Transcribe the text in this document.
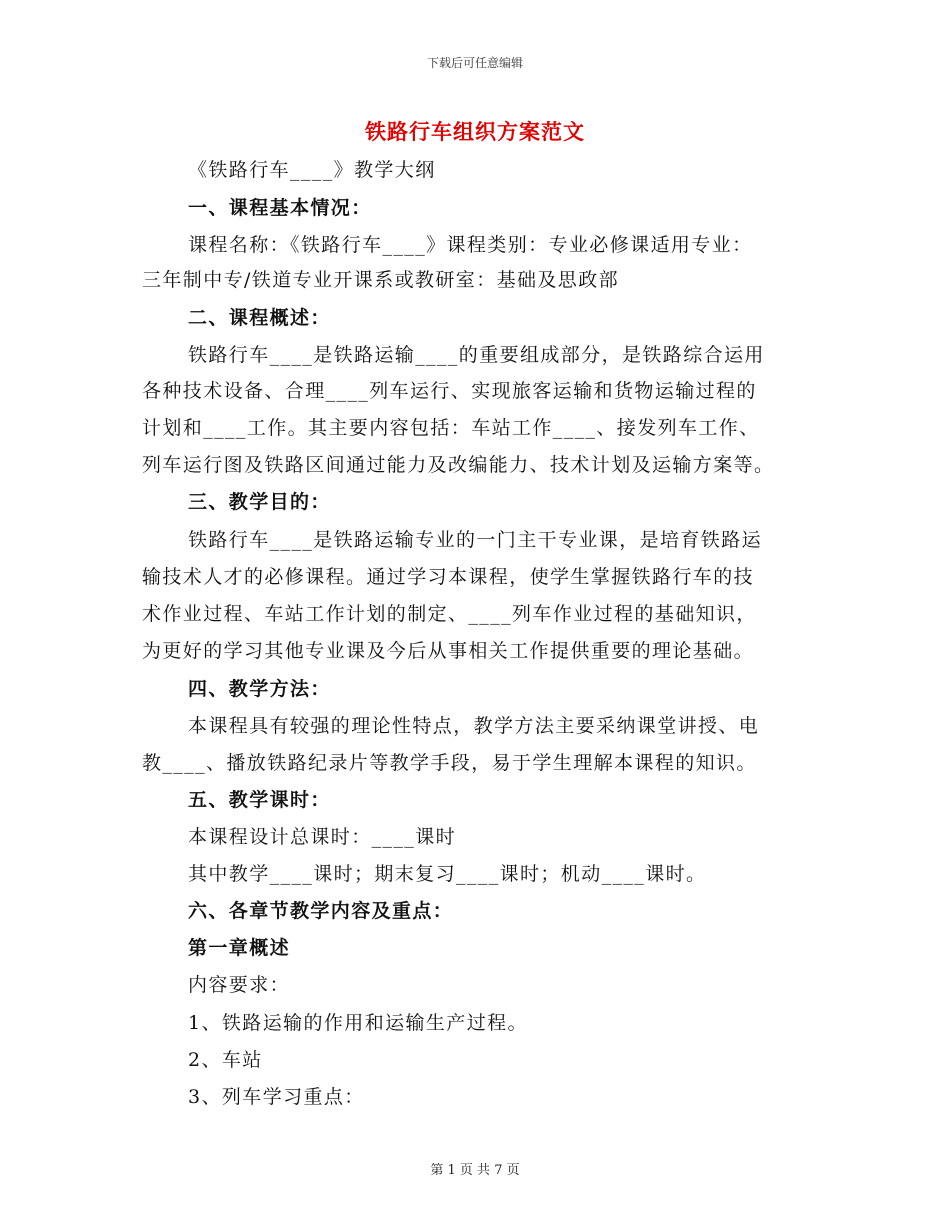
下载后可任意编辑
铁路行车组织方案范文
《铁路行车____》教学大纲
一、课程基本情况：
课程名称：《铁路行车____》课程类别：专业必修课适用专业：
三年制中专/铁道专业开课系或教研室：基础及思政部
二、课程概述：
铁路行车____是铁路运输____的重要组成部分，是铁路综合运用
各种技术设备、合理____列车运行、实现旅客运输和货物运输过程的
计划和____工作。其主要内容包括：车站工作____、接发列车工作、
列车运行图及铁路区间通过能力及改编能力、技术计划及运输方案等。
三、教学目的：
铁路行车____是铁路运输专业的一门主干专业课，是培育铁路运
输技术人才的必修课程。通过学习本课程，使学生掌握铁路行车的技
术作业过程、车站工作计划的制定、____列车作业过程的基础知识，
为更好的学习其他专业课及今后从事相关工作提供重要的理论基础。
四、教学方法：
本课程具有较强的理论性特点，教学方法主要采纳课堂讲授、电
教____、播放铁路纪录片等教学手段，易于学生理解本课程的知识。
五、教学课时：
本课程设计总课时：____课时
其中教学____课时；期末复习____课时；机动____课时。
六、各章节教学内容及重点：
第一章概述
内容要求：
1、铁路运输的作用和运输生产过程。
2、车站
3、列车学习重点：
第 1 页 共 7 页
